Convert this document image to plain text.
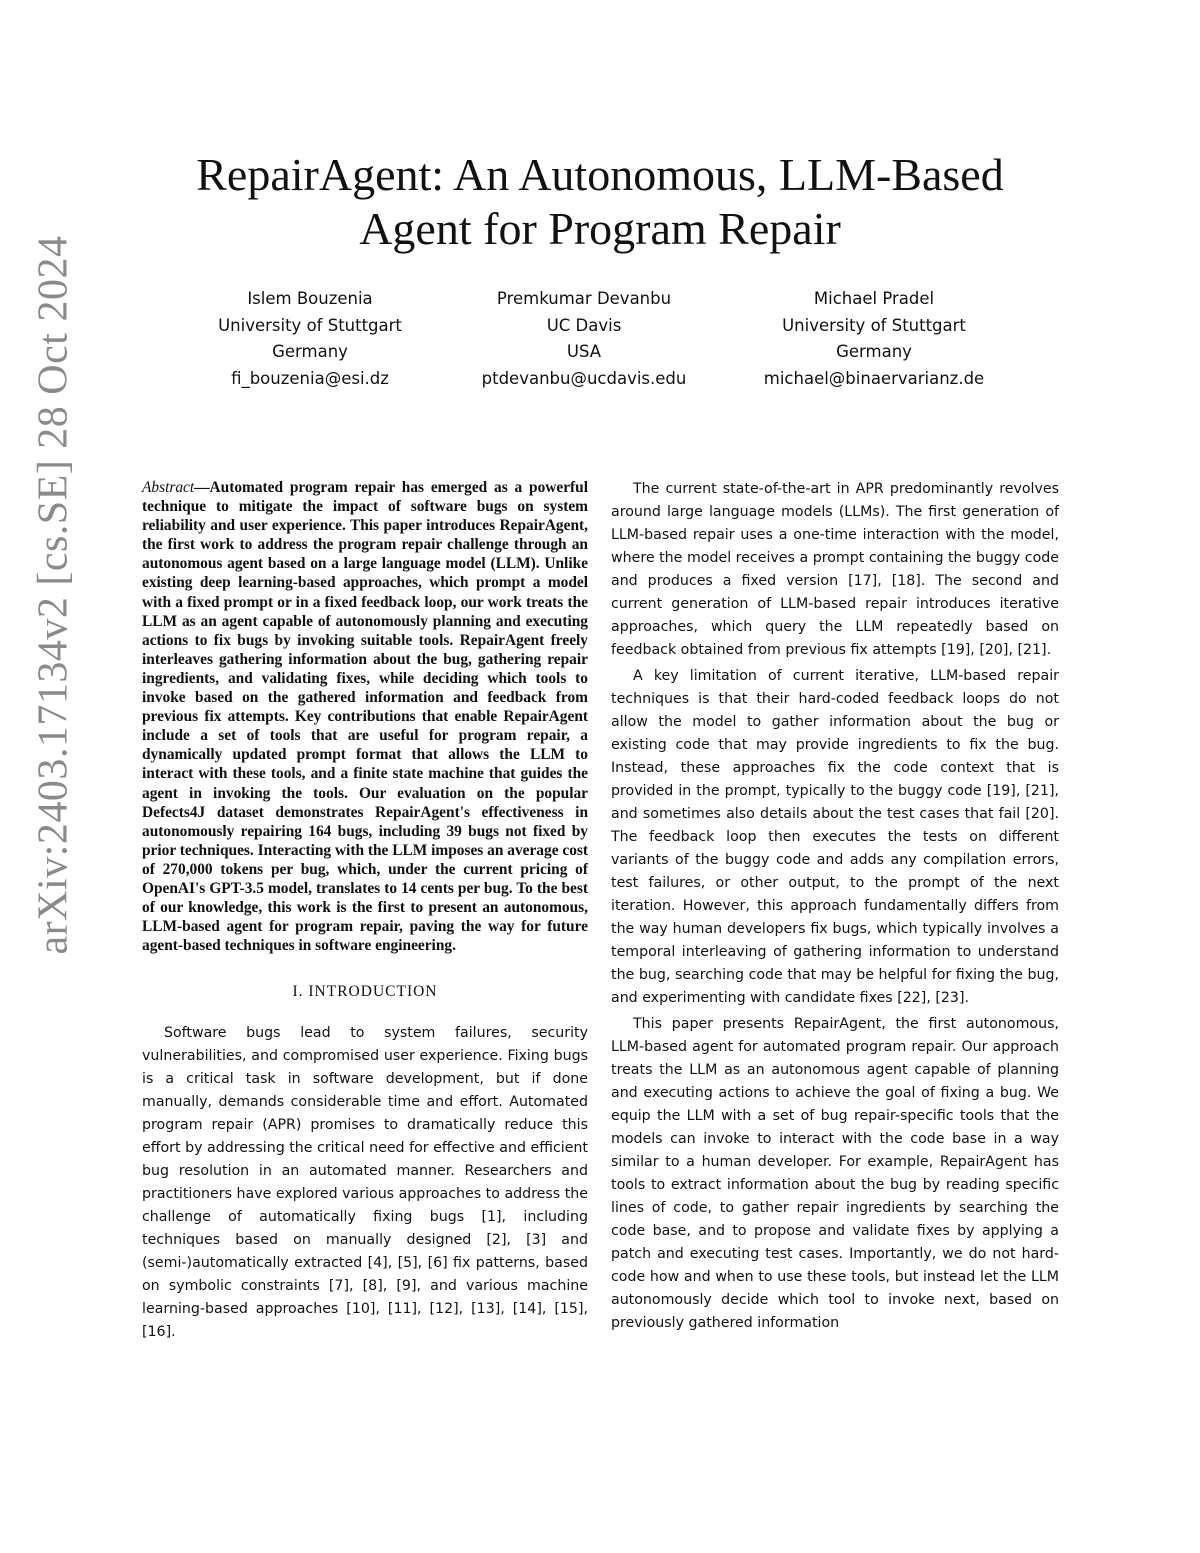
arXiv:2403.17134v2 [cs.SE] 28 Oct 2024
RepairAgent: An Autonomous, LLM-Based
Agent for Program Repair
Islem Bouzenia
University of Stuttgart
Germany
fi_bouzenia@esi.dz
Premkumar Devanbu
UC Davis
USA
ptdevanbu@ucdavis.edu
Michael Pradel
University of Stuttgart
Germany
michael@binaervarianz.de

Abstract—Automated program repair has emerged as a powerful technique to mitigate the impact of software bugs on system reliability and user experience. This paper introduces RepairAgent, the first work to address the program repair challenge through an autonomous agent based on a large language model (LLM). Unlike existing deep learning-based approaches, which prompt a model with a fixed prompt or in a fixed feedback loop, our work treats the LLM as an agent capable of autonomously planning and executing actions to fix bugs by invoking suitable tools. RepairAgent freely interleaves gathering information about the bug, gathering repair ingredients, and validating fixes, while deciding which tools to invoke based on the gathered information and feedback from previous fix attempts. Key contributions that enable RepairAgent include a set of tools that are useful for program repair, a dynamically updated prompt format that allows the LLM to interact with these tools, and a finite state machine that guides the agent in invoking the tools. Our evaluation on the popular Defects4J dataset demonstrates RepairAgent's effectiveness in autonomously repairing 164 bugs, including 39 bugs not fixed by prior techniques. Interacting with the LLM imposes an average cost of 270,000 tokens per bug, which, under the current pricing of OpenAI's GPT-3.5 model, translates to 14 cents per bug. To the best of our knowledge, this work is the first to present an autonomous, LLM-based agent for program repair, paving the way for future agent-based techniques in software engineering.

I. INTRODUCTION

Software bugs lead to system failures, security vulnerabilities, and compromised user experience. Fixing bugs is a critical task in software development, but if done manually, demands considerable time and effort. Automated program repair (APR) promises to dramatically reduce this effort by addressing the critical need for effective and efficient bug resolution in an automated manner. Researchers and practitioners have explored various approaches to address the challenge of automatically fixing bugs [1], including techniques based on manually designed [2], [3] and (semi-)automatically extracted [4], [5], [6] fix patterns, based on symbolic constraints [7], [8], [9], and various machine learning-based approaches [10], [11], [12], [13], [14], [15], [16].

The current state-of-the-art in APR predominantly revolves around large language models (LLMs). The first generation of LLM-based repair uses a one-time interaction with the model, where the model receives a prompt containing the buggy code and produces a fixed version [17], [18]. The second and current generation of LLM-based repair introduces iterative approaches, which query the LLM repeatedly based on feedback obtained from previous fix attempts [19], [20], [21].

A key limitation of current iterative, LLM-based repair techniques is that their hard-coded feedback loops do not allow the model to gather information about the bug or existing code that may provide ingredients to fix the bug. Instead, these approaches fix the code context that is provided in the prompt, typically to the buggy code [19], [21], and sometimes also details about the test cases that fail [20]. The feedback loop then executes the tests on different variants of the buggy code and adds any compilation errors, test failures, or other output, to the prompt of the next iteration. However, this approach fundamentally differs from the way human developers fix bugs, which typically involves a temporal interleaving of gathering information to understand the bug, searching code that may be helpful for fixing the bug, and experimenting with candidate fixes [22], [23].

This paper presents RepairAgent, the first autonomous, LLM-based agent for automated program repair. Our approach treats the LLM as an autonomous agent capable of planning and executing actions to achieve the goal of fixing a bug. We equip the LLM with a set of bug repair-specific tools that the models can invoke to interact with the code base in a way similar to a human developer. For example, RepairAgent has tools to extract information about the bug by reading specific lines of code, to gather repair ingredients by searching the code base, and to propose and validate fixes by applying a patch and executing test cases. Importantly, we do not hard-code how and when to use these tools, but instead let the LLM autonomously decide which tool to invoke next, based on previously gathered information
